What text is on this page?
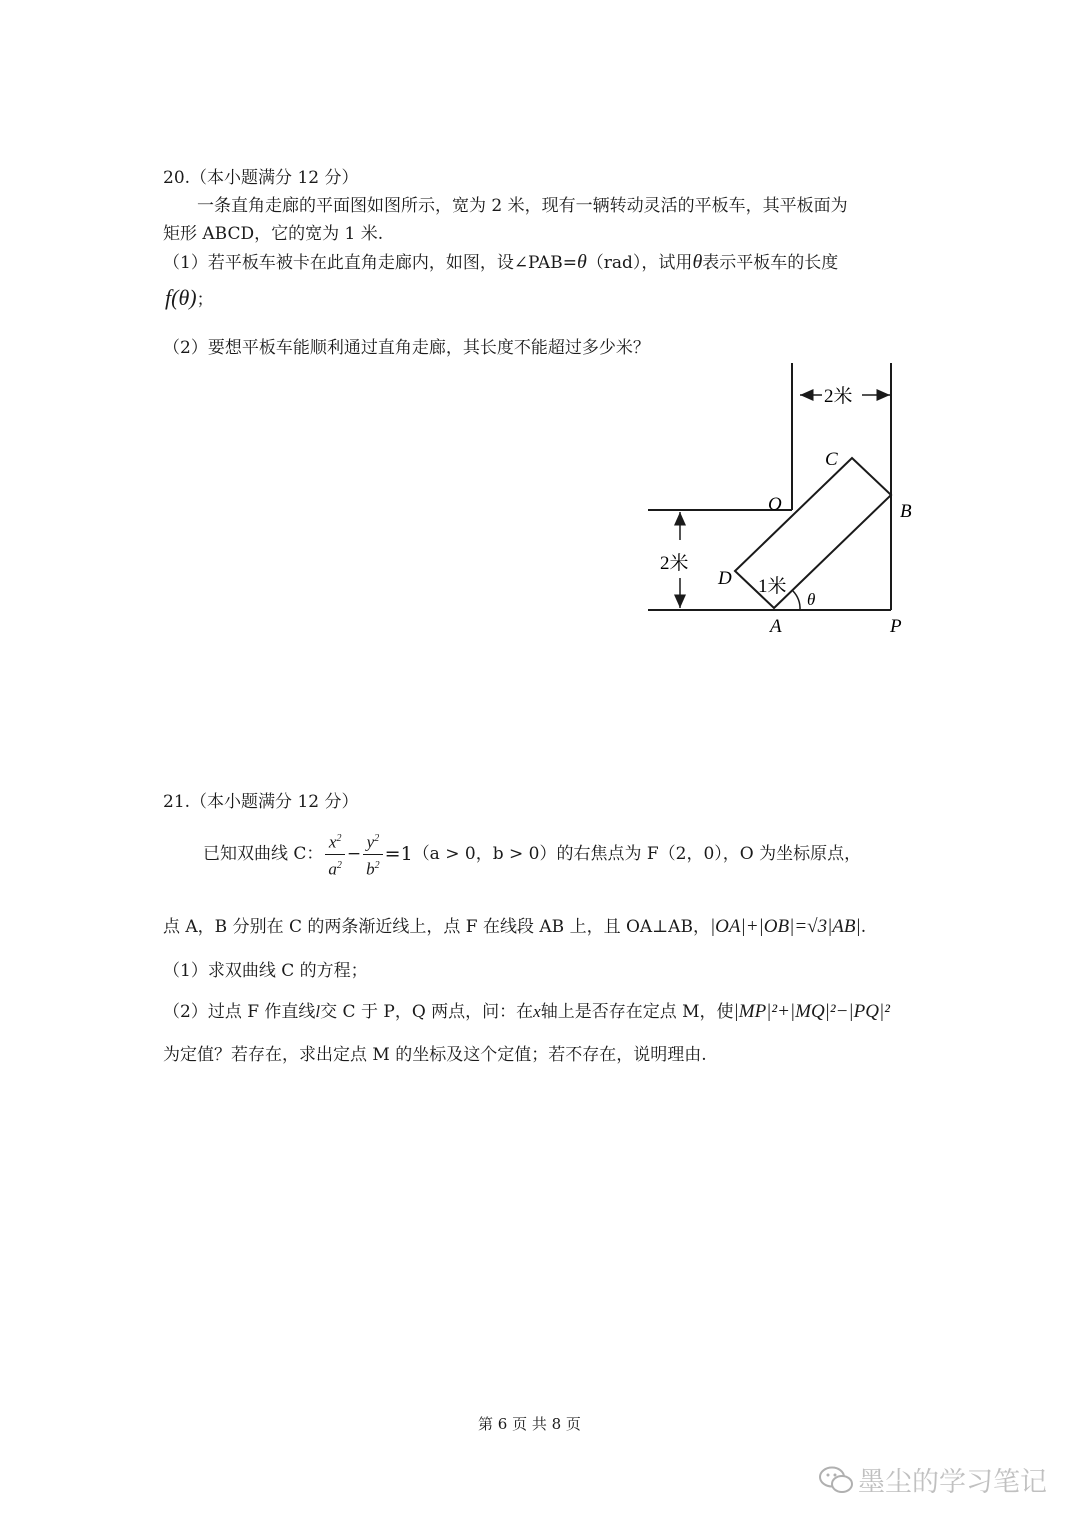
20.（本小题满分 12 分）
一条直角走廊的平面图如图所示，宽为 2 米，现有一辆转动灵活的平板车，其平板面为
矩形 ABCD，它的宽为 1 米.
（1）若平板车被卡在此直角走廊内，如图，设∠PAB=θ（rad），试用θ表示平板车的长度
f(θ)；
（2）要想平板车能顺利通过直角走廊，其长度不能超过多少米？
2米
2米
C
O	B
D
A	P
1米
θ
21.（本小题满分 12 分）
已知双曲线 C： $\frac{x^2}{a^2} - \frac{y^2}{b^2} =1(a > 0$，b > 0）的右焦点为 F（2，0），O 为坐标原点，
点 A，B 分别在 C 的两条渐近线上，点 F 在线段 AB 上，且 OA⊥AB，|OA|+|OB|=√3|AB|.
（1）求双曲线 C 的方程；
（2）过点 F 作直线l交 C 于 P，Q 两点，问：在x轴上是否存在定点 M，使|MP|²+|MQ|²−|PQ|²
为定值？若存在，求出定点 M 的坐标及这个定值；若不存在，说明理由.
第 6 页 共 8 页
墨尘的学习笔记
